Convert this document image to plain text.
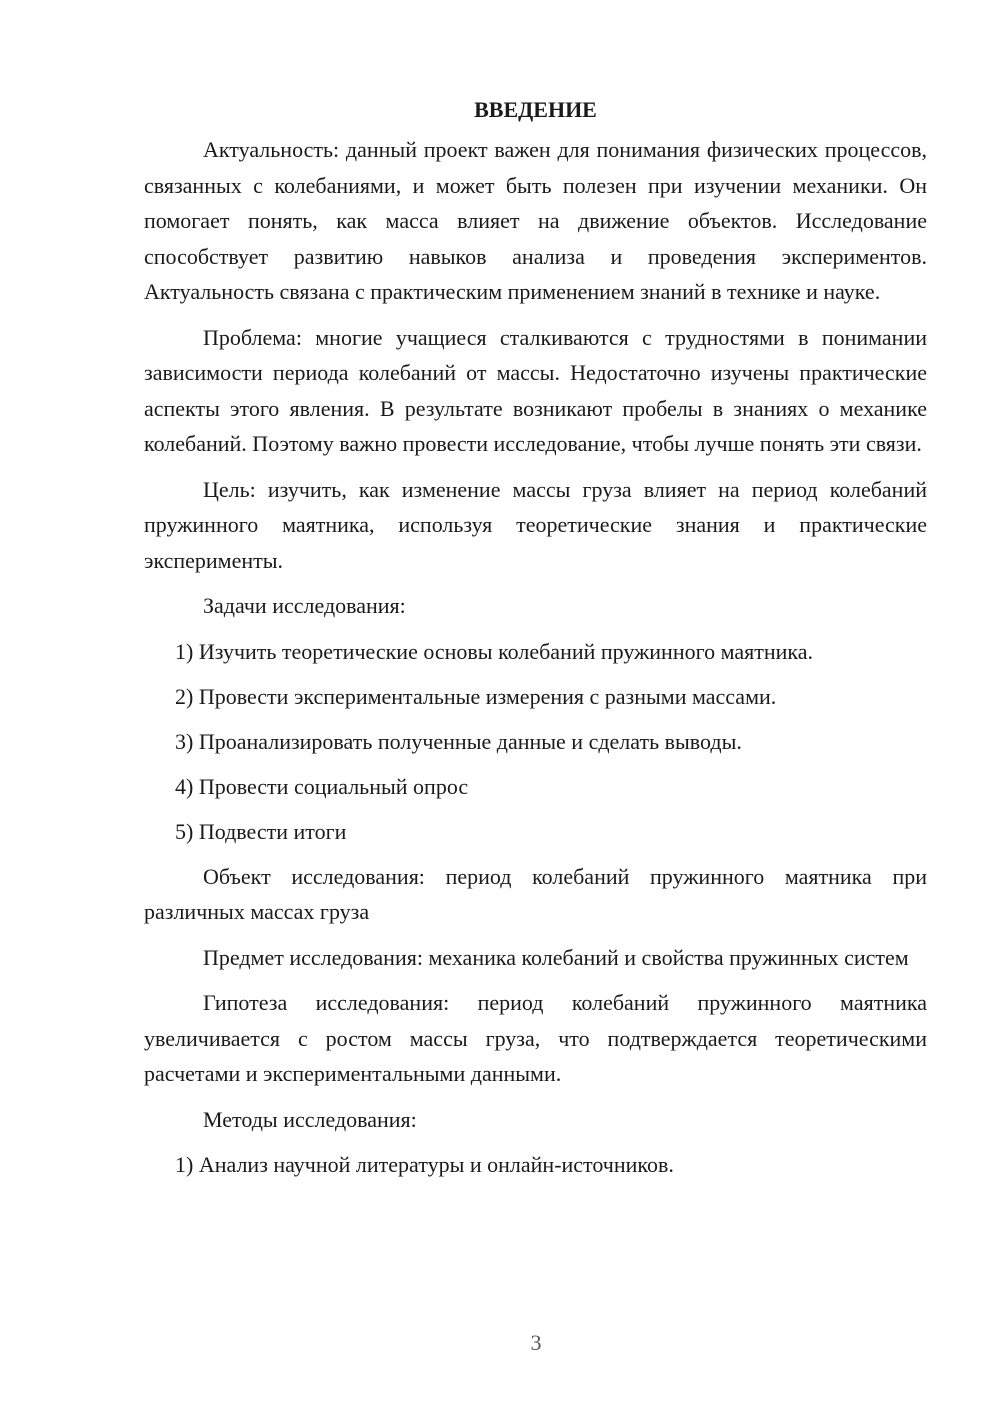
ВВЕДЕНИЕ

Актуальность: данный проект важен для понимания физических процессов, связанных с колебаниями, и может быть полезен при изучении механики. Он помогает понять, как масса влияет на движение объектов. Исследование способствует развитию навыков анализа и проведения экспериментов. Актуальность связана с практическим применением знаний в технике и науке.

Проблема: многие учащиеся сталкиваются с трудностями в понимании зависимости периода колебаний от массы. Недостаточно изучены практические аспекты этого явления. В результате возникают пробелы в знаниях о механике колебаний. Поэтому важно провести исследование, чтобы лучше понять эти связи.

Цель: изучить, как изменение массы груза влияет на период колебаний пружинного маятника, используя теоретические знания и практические эксперименты.

Задачи исследования:
1) Изучить теоретические основы колебаний пружинного маятника.
2) Провести экспериментальные измерения с разными массами.
3) Проанализировать полученные данные и сделать выводы.
4) Провести социальный опрос
5) Подвести итоги

Объект исследования: период колебаний пружинного маятника при различных массах груза

Предмет исследования: механика колебаний и свойства пружинных систем

Гипотеза исследования: период колебаний пружинного маятника увеличивается с ростом массы груза, что подтверждается теоретическими расчетами и экспериментальными данными.

Методы исследования:
1) Анализ научной литературы и онлайн-источников.
3
